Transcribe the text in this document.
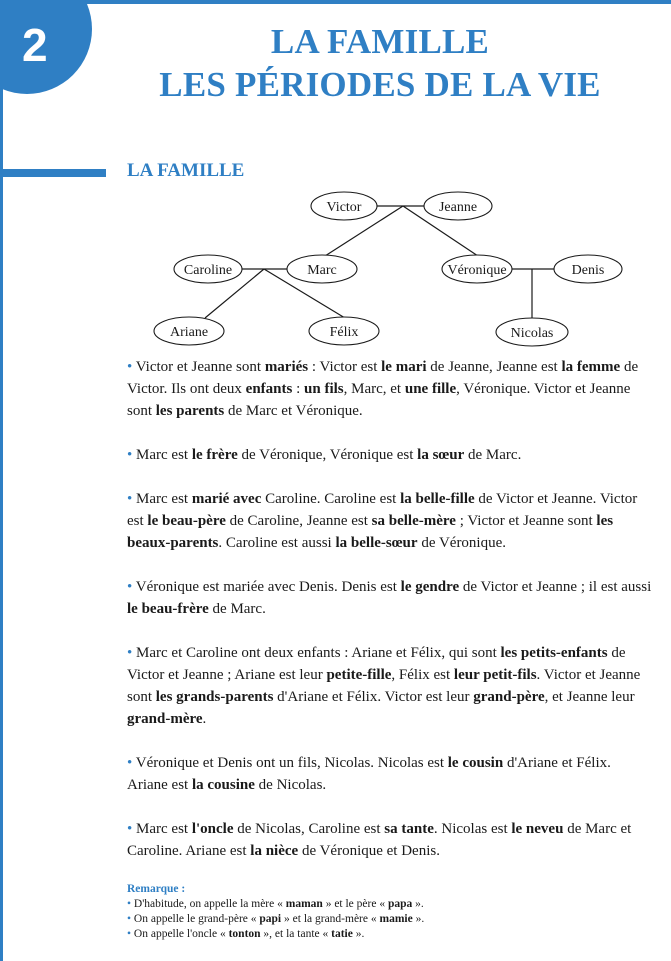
2	LA FAMILLE
LES PÉRIODES DE LA VIE
LA FAMILLE
Victor	Jeanne
Caroline	Marc	Véronique	Denis
Ariane	Félix	Nicolas

• Victor et Jeanne sont mariés : Victor est le mari de Jeanne, Jeanne est la femme de Victor. Ils ont deux enfants : un fils, Marc, et une fille, Véronique. Victor et Jeanne sont les parents de Marc et Véronique.

• Marc est le frère de Véronique, Véronique est la sœur de Marc.

• Marc est marié avec Caroline. Caroline est la belle-fille de Victor et Jeanne. Victor est le beau-père de Caroline, Jeanne est sa belle-mère ; Victor et Jeanne sont les beaux-parents. Caroline est aussi la belle-sœur de Véronique.

• Véronique est mariée avec Denis. Denis est le gendre de Victor et Jeanne ; il est aussi le beau-frère de Marc.

• Marc et Caroline ont deux enfants : Ariane et Félix, qui sont les petits-enfants de Victor et Jeanne ; Ariane est leur petite-fille, Félix est leur petit-fils. Victor et Jeanne sont les grands-parents d'Ariane et Félix. Victor est leur grand-père, et Jeanne leur grand-mère.

• Véronique et Denis ont un fils, Nicolas. Nicolas est le cousin d'Ariane et Félix. Ariane est la cousine de Nicolas.

• Marc est l'oncle de Nicolas, Caroline est sa tante. Nicolas est le neveu de Marc et Caroline. Ariane est la nièce de Véronique et Denis.

Remarque :

• D'habitude, on appelle la mère « maman » et le père « papa ».

• On appelle le grand-père « papi » et la grand-mère « mamie ».

• On appelle l'oncle « tonton », et la tante « tatie ».
